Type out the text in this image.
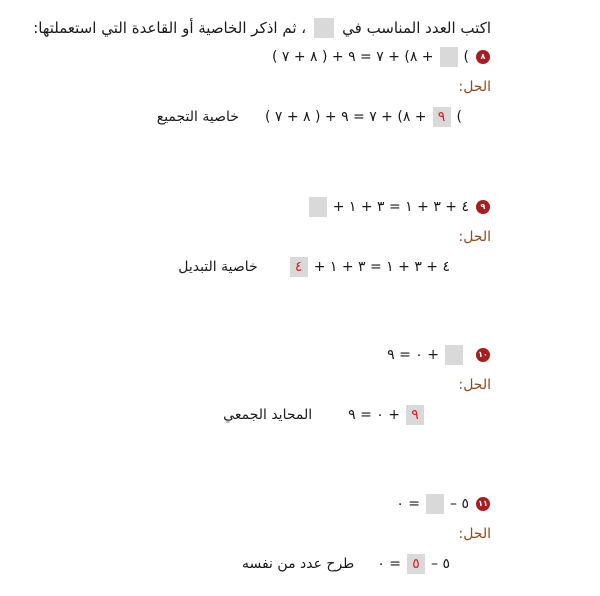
اكتب العدد المناسب في
، ثم اذكر الخاصية أو القاعدة التي استعملتها:
( ٧ + ٨ ) + ٩ = ٧ + (٨ + (	٨
الحل:
خاصية التجميع ( ٧ + ٨ ) + ٩ = ٧ + (٨ + ٩ (
+ ١ + ٣ = ١ + ٣ + ٤	٩
الحل:
خاصية التبديل	٤ + ١ + ٣ = ١ + ٣ + ٤
٩ = ٠ +	١٠
الحل:
المحايد الجمعي	٩ = ٠ + ٩
٠ = – ٥ ١١
الحل:
طرح عدد من نفسه ٠ = ٥ – ٥
